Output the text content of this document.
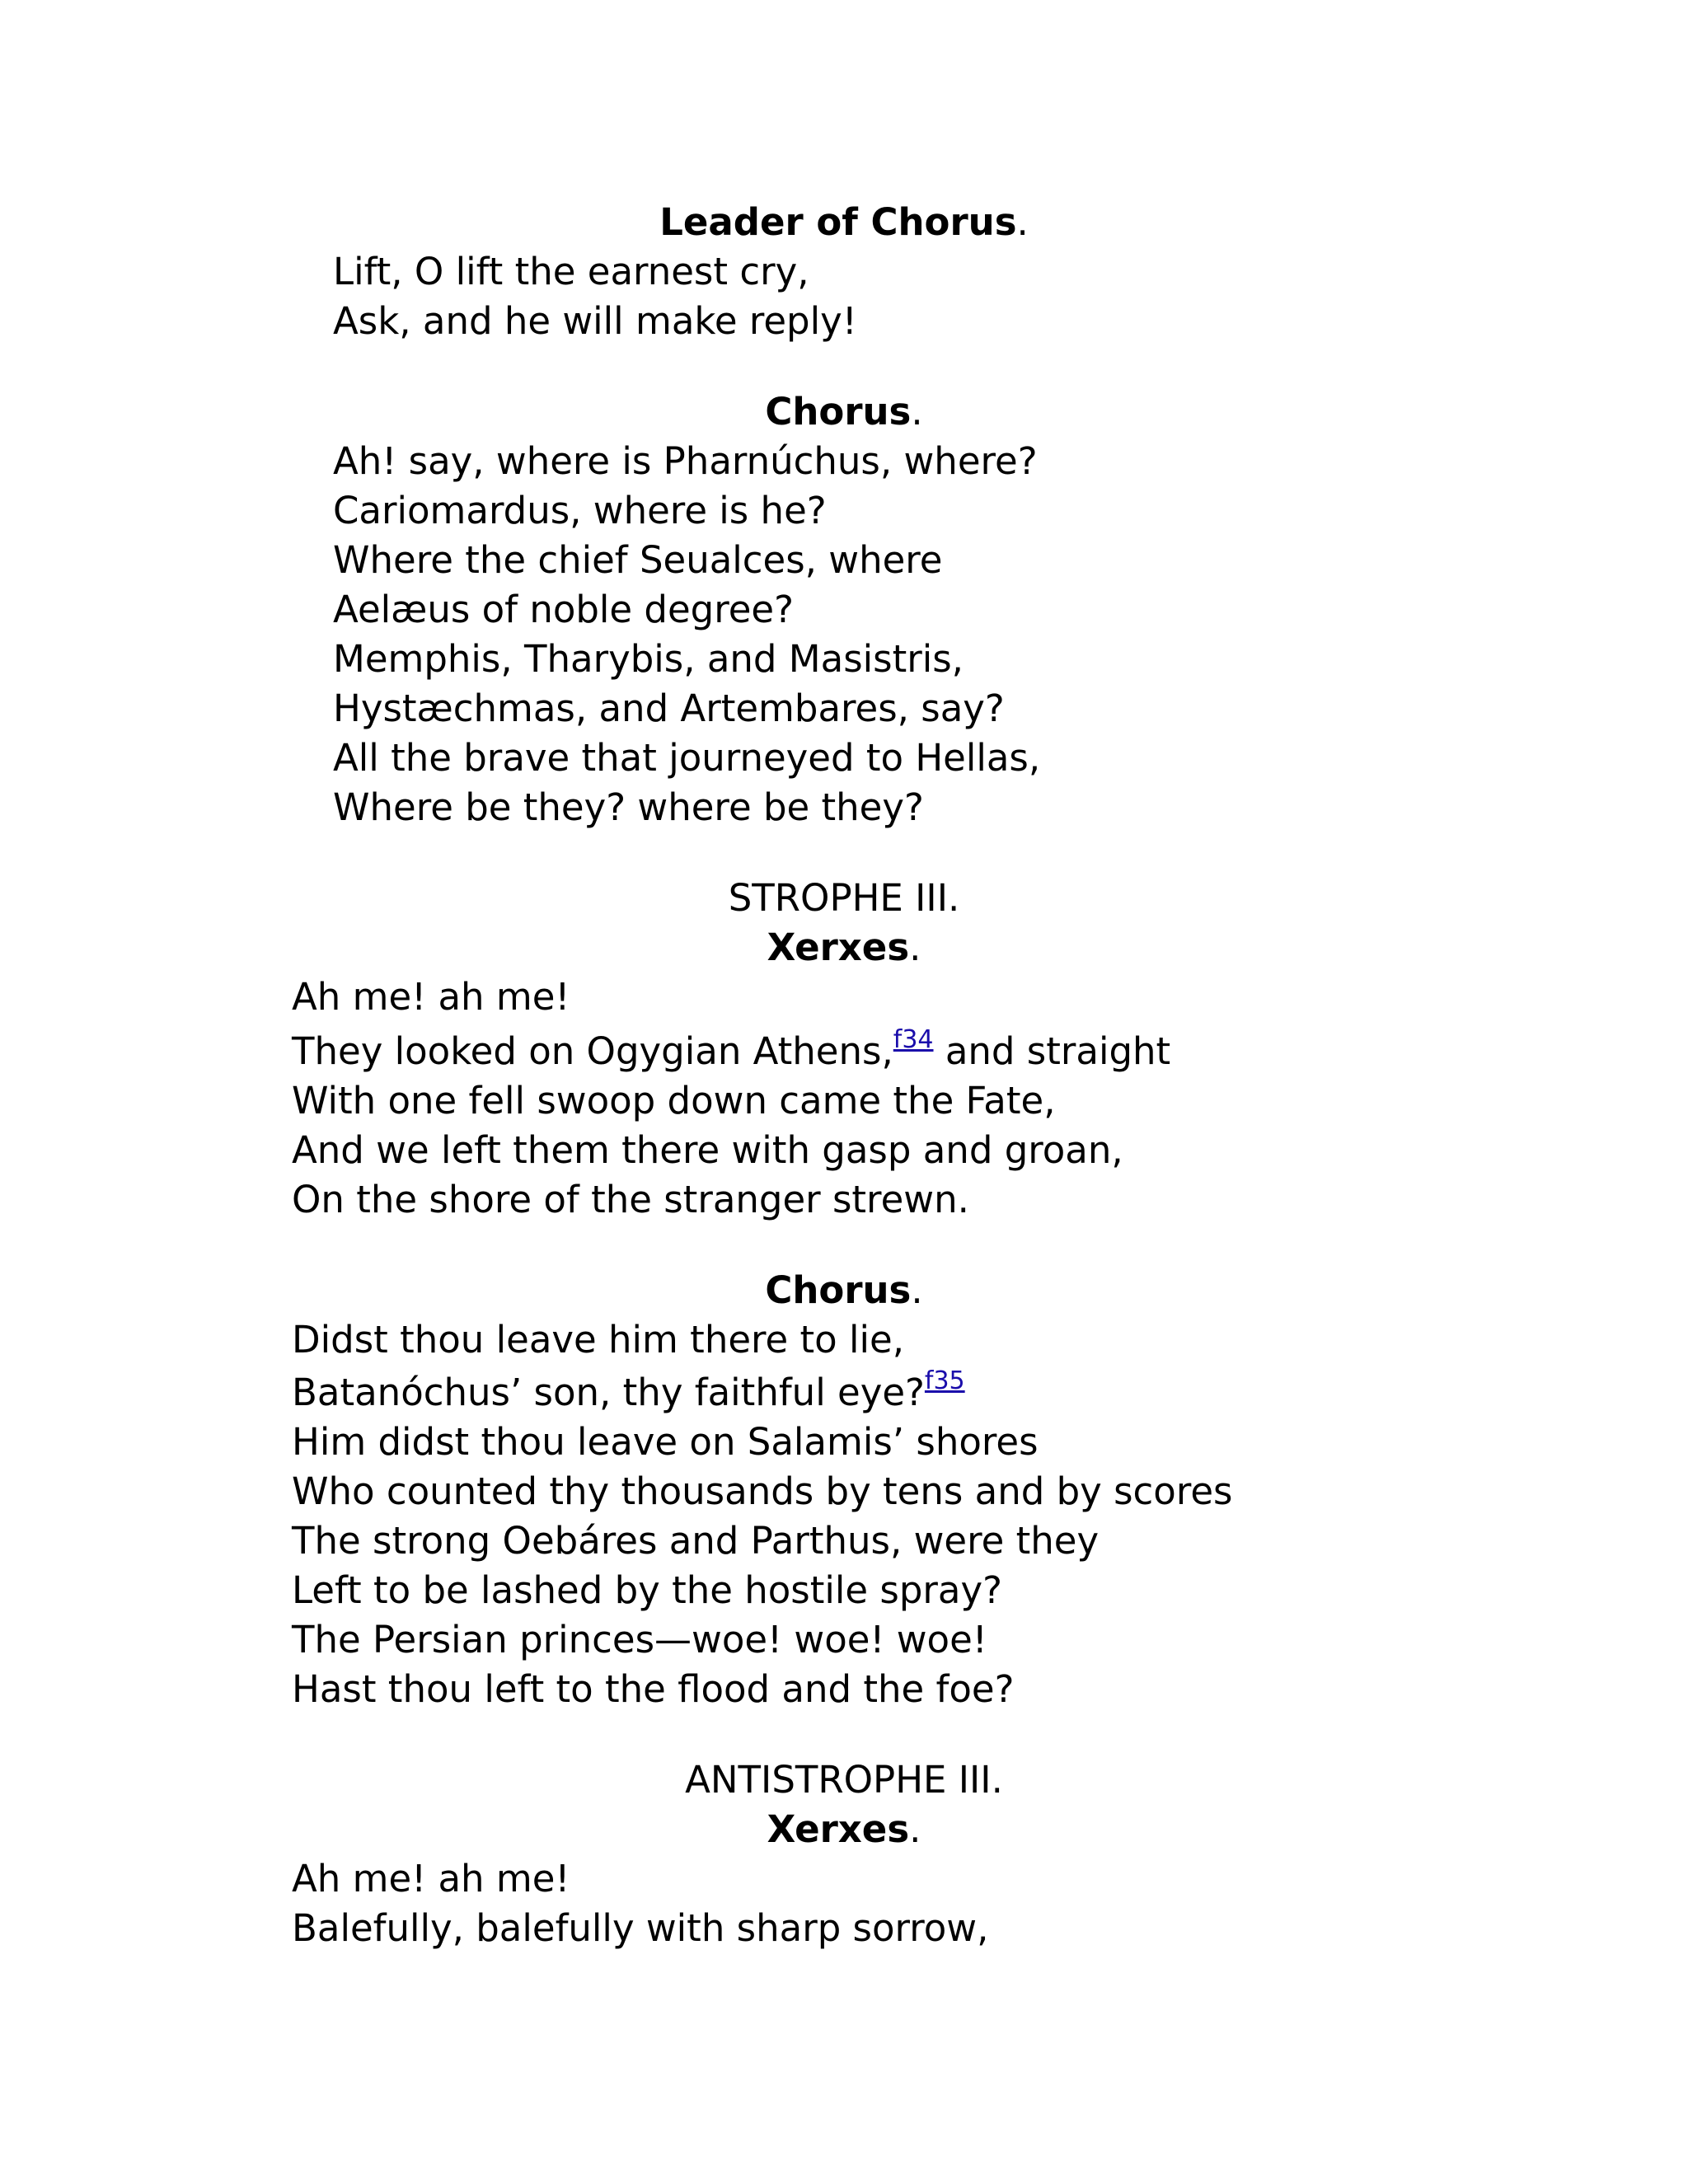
Leader of Chorus.
Lift, O lift the earnest cry,
Ask, and he will make reply!
Chorus.
Ah! say, where is Pharnúchus, where?
Cariomardus, where is he?
Where the chief Seualces, where
Aelæus of noble degree?
Memphis, Tharybis, and Masistris,
Hystæchmas, and Artembares, say?
All the brave that journeyed to Hellas,
Where be they? where be they?
STROPHE III.
Xerxes.
Ah me! ah me!
They looked on Ogygian Athens,$^{f34}$ and straight
With one fell swoop down came the Fate,
And we left them there with gasp and groan,
On the shore of the stranger strewn.
Chorus.
Didst thou leave him there to lie,
Batanóchus’ son, thy faithful eye?$^{f35}$
Him didst thou leave on Salamis’ shores
Who counted thy thousands by tens and by scores
The strong Oebáres and Parthus, were they
Left to be lashed by the hostile spray?
The Persian princes—woe! woe! woe!
Hast thou left to the flood and the foe?
ANTISTROPHE III.
Xerxes.
Ah me! ah me!
Balefully, balefully with sharp sorrow,
